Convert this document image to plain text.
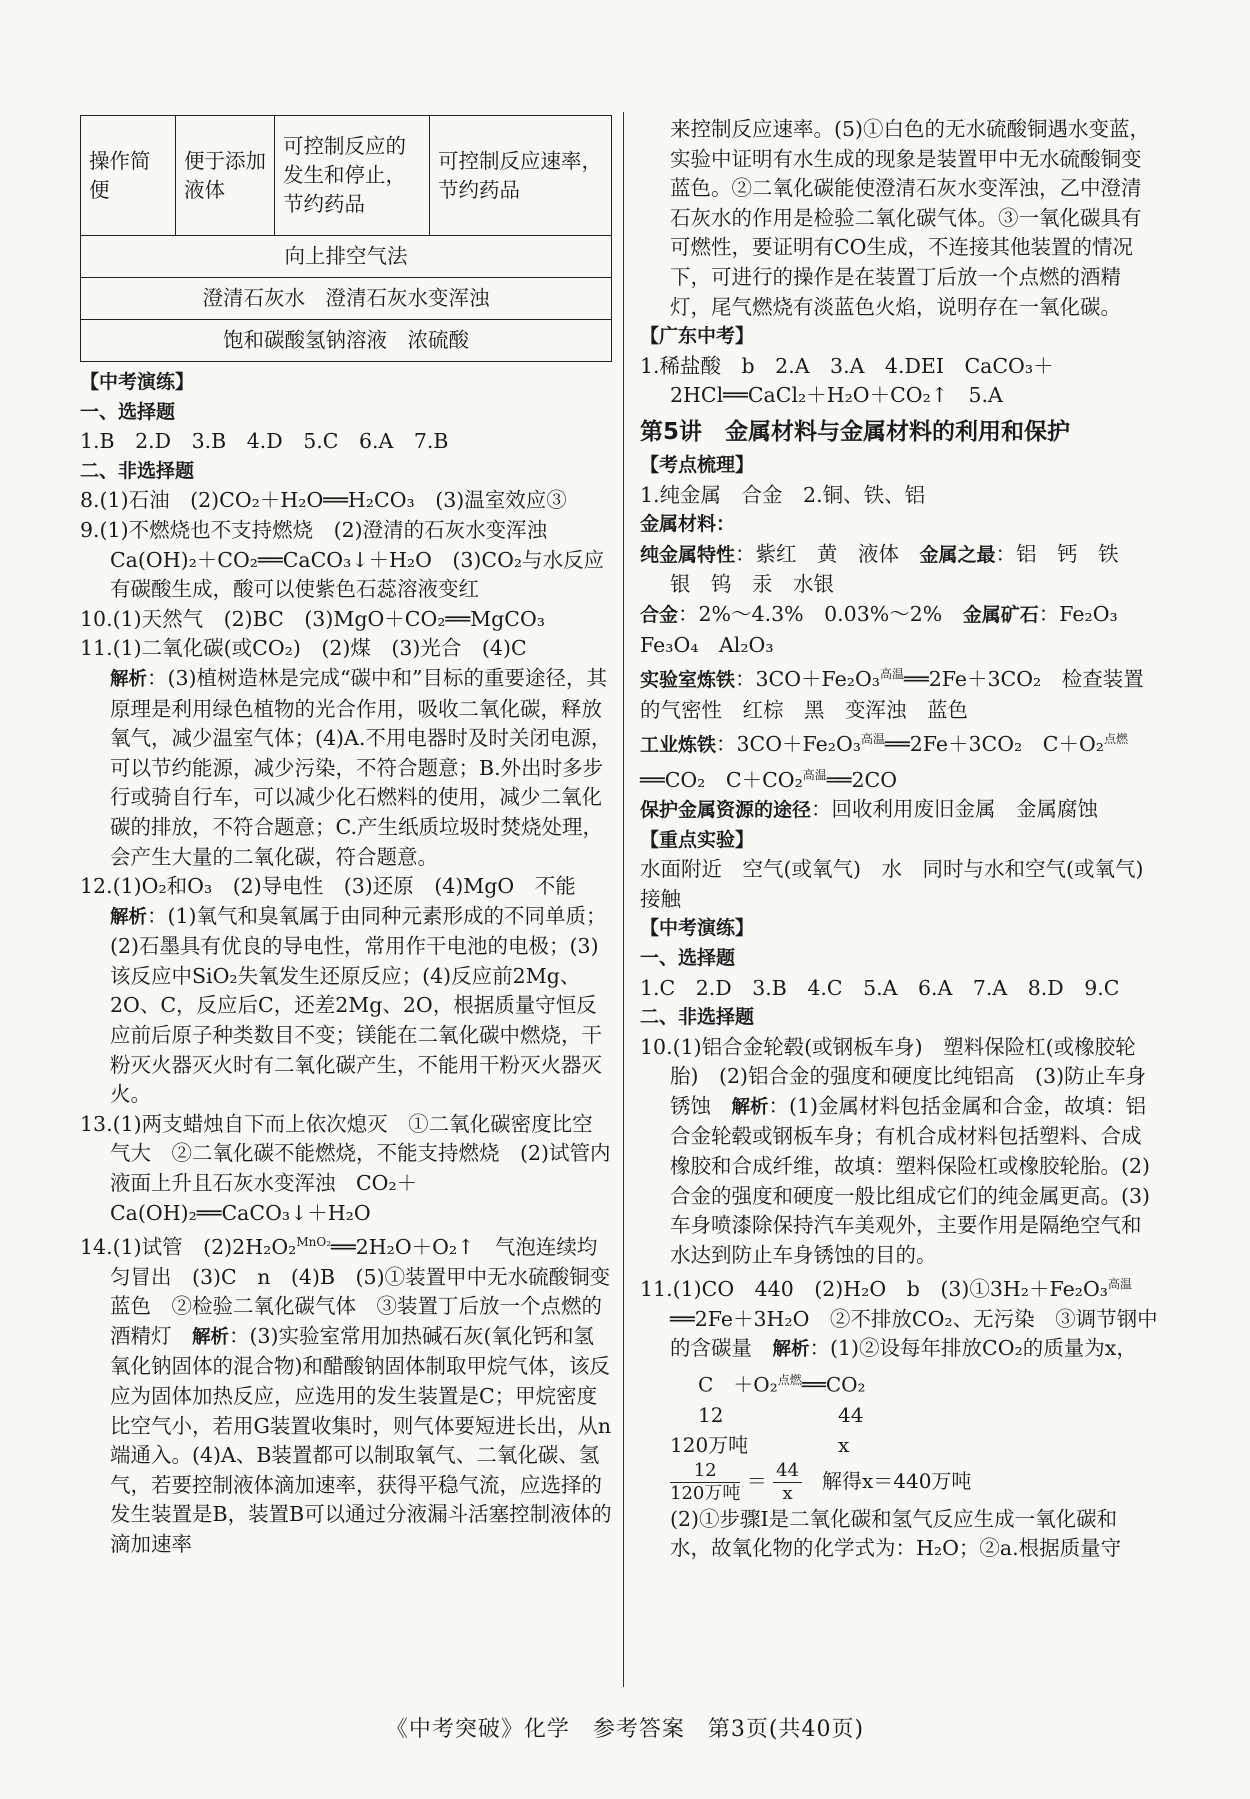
操作简便	便于添加液体	可控制反应的发生和停止，节约药品	可控制反应速率，节约药品
向上排空气法
澄清石灰水　澄清石灰水变浑浊
饱和碳酸氢钠溶液　浓硫酸

【中考演练】

一、选择题

1.B　2.D　3.B　4.D　5.C　6.A　7.B

二、非选择题

8.(1)石油　(2)CO₂＋H₂O══H₂CO₃　(3)温室效应③

9.(1)不燃烧也不支持燃烧　(2)澄清的石灰水变浑浊　Ca(OH)₂＋CO₂══CaCO₃↓＋H₂O　(3)CO₂与水反应有碳酸生成，酸可以使紫色石蕊溶液变红

10.(1)天然气　(2)BC　(3)MgO＋CO₂══MgCO₃

11.(1)二氧化碳(或CO₂)　(2)煤　(3)光合　(4)C
解析：(3)植树造林是完成“碳中和”目标的重要途径，其原理是利用绿色植物的光合作用，吸收二氧化碳，释放氧气，减少温室气体；(4)A.不用电器时及时关闭电源，可以节约能源，减少污染，不符合题意；B.外出时多步行或骑自行车，可以减少化石燃料的使用，减少二氧化碳的排放，不符合题意；C.产生纸质垃圾时焚烧处理，会产生大量的二氧化碳，符合题意。

12.(1)O₂和O₃　(2)导电性　(3)还原　(4)MgO　不能
解析：(1)氧气和臭氧属于由同种元素形成的不同单质；(2)石墨具有优良的导电性，常用作干电池的电极；(3)该反应中SiO₂失氧发生还原反应；(4)反应前2Mg、2O、C，反应后C，还差2Mg、2O，根据质量守恒反应前后原子种类数目不变；镁能在二氧化碳中燃烧，干粉灭火器灭火时有二氧化碳产生，不能用干粉灭火器灭火。

13.(1)两支蜡烛自下而上依次熄灭　①二氧化碳密度比空气大　②二氧化碳不能燃烧，不能支持燃烧　(2)试管内液面上升且石灰水变浑浊　CO₂＋Ca(OH)₂══CaCO₃↓＋H₂O

14.(1)试管　(2)2H₂O₂$^{MnO_2}$══2H₂O＋O₂↑　气泡连续均匀冒出　(3)C　n　(4)B　(5)①装置甲中无水硫酸铜变蓝色　②检验二氧化碳气体　③装置丁后放一个点燃的酒精灯　解析：(3)实验室常用加热碱石灰(氧化钙和氢氧化钠固体的混合物)和醋酸钠固体制取甲烷气体，该反应为固体加热反应，应选用的发生装置是C；甲烷密度比空气小，若用G装置收集时，则气体要短进长出，从n端通入。(4)A、B装置都可以制取氧气、二氧化碳、氢气，若要控制液体滴加速率，获得平稳气流，应选择的发生装置是B，装置B可以通过分液漏斗活塞控制液体的滴加速率

来控制反应速率。(5)①白色的无水硫酸铜遇水变蓝，实验中证明有水生成的现象是装置甲中无水硫酸铜变蓝色。②二氧化碳能使澄清石灰水变浑浊，乙中澄清石灰水的作用是检验二氧化碳气体。③一氧化碳具有可燃性，要证明有CO生成，不连接其他装置的情况下，可进行的操作是在装置丁后放一个点燃的酒精灯，尾气燃烧有淡蓝色火焰，说明存在一氧化碳。

【广东中考】

1.稀盐酸　b　2.A　3.A　4.DEI　CaCO₃＋2HCl══CaCl₂＋H₂O＋CO₂↑　5.A

第5讲　金属材料与金属材料的利用和保护

【考点梳理】

1.纯金属　合金　2.铜、铁、铝

金属材料：

纯金属特性：紫红　黄　液体　金属之最：铝　钙　铁　银　钨　汞　水银

合金：2%～4.3%　0.03%～2%　金属矿石：Fe₂O₃　Fe₃O₄　Al₂O₃

实验室炼铁：3CO＋Fe₂O₃$^{高温}$══2Fe＋3CO₂　检查装置的气密性　红棕　黑　变浑浊　蓝色

工业炼铁：3CO＋Fe₂O₃$^{高温}$══2Fe＋3CO₂　C＋O₂$^{点燃}$══CO₂　C＋CO₂$^{高温}$══2CO

保护金属资源的途径：回收利用废旧金属　金属腐蚀

【重点实验】

水面附近　空气(或氧气)　水　同时与水和空气(或氧气)接触

【中考演练】

一、选择题

1.C　2.D　3.B　4.C　5.A　6.A　7.A　8.D　9.C

二、非选择题

10.(1)铝合金轮毂(或钢板车身)　塑料保险杠(或橡胶轮胎)　(2)铝合金的强度和硬度比纯铝高　(3)防止车身锈蚀　解析：(1)金属材料包括金属和合金，故填：铝合金轮毂或钢板车身；有机合成材料包括塑料、合成橡胶和合成纤维，故填：塑料保险杠或橡胶轮胎。(2)合金的强度和硬度一般比组成它们的纯金属更高。(3)车身喷漆除保持汽车美观外，主要作用是隔绝空气和水达到防止车身锈蚀的目的。

11.(1)CO　440　(2)H₂O　b　(3)①3H₂＋Fe₂O₃$^{高温}$══2Fe＋3H₂O　②不排放CO₂、无污染　③调节钢中的含碳量　解析：(1)②设每年排放CO₂的质量为x，

C　＋O₂$^{点燃}$══CO₂
12	44
120万吨	x
$\frac{12}{\text{120万吨}} = \frac{44}{x}$ 　解得x＝440万吨

(2)①步骤Ⅰ是二氧化碳和氢气反应生成一氧化碳和水，故氧化物的化学式为：H₂O；②a.根据质量守

《中考突破》化学　参考答案　第3页(共40页)
